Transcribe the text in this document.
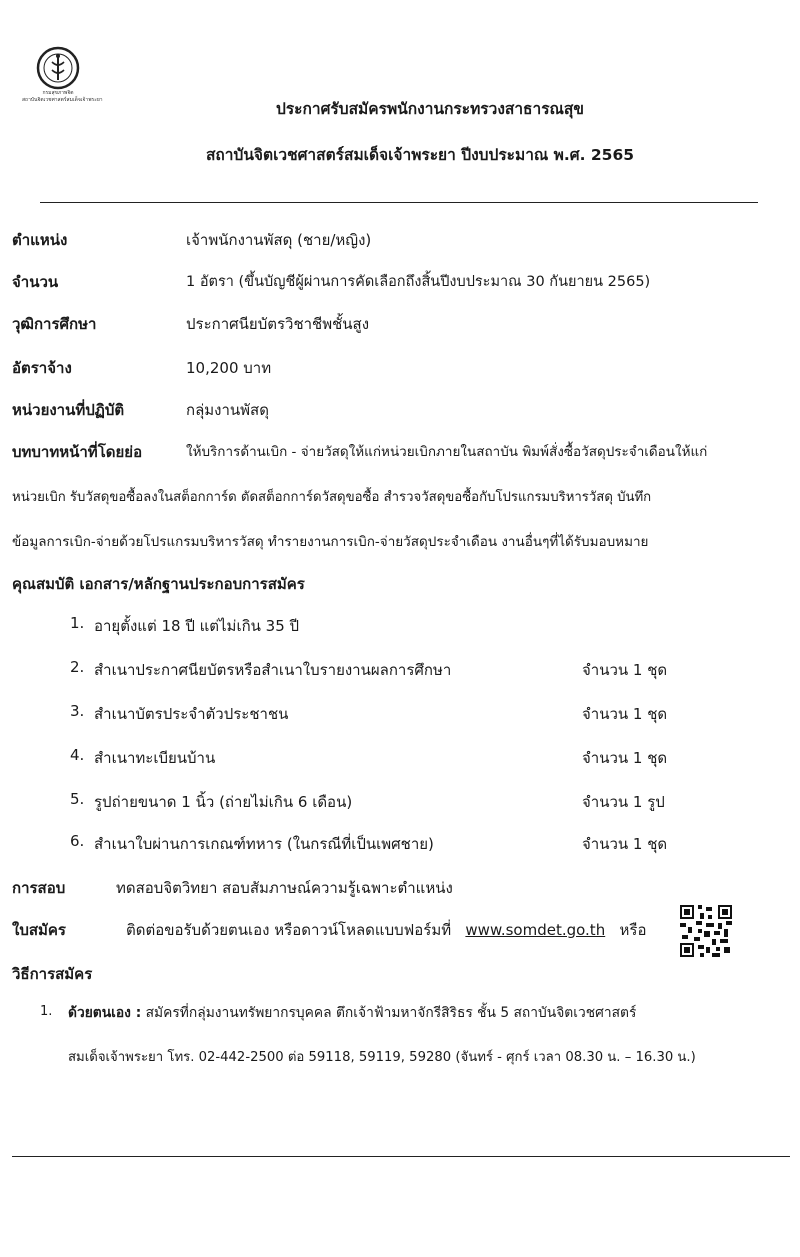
กรมสุขภาพจิต
สถาบันจิตเวชศาสตร์สมเด็จเจ้าพระยา	ประกาศรับสมัครพนักงานกระทรวงสาธารณสุข
สถาบันจิตเวชศาสตร์สมเด็จเจ้าพระยา ปีงบประมาณ พ.ศ. 2565
ตำแหน่ง	เจ้าพนักงานพัสดุ (ชาย/หญิง)
จำนวน	1 อัตรา (ขึ้นบัญชีผู้ผ่านการคัดเลือกถึงสิ้นปีงบประมาณ 30 กันยายน 2565)
วุฒิการศึกษา	ประกาศนียบัตรวิชาชีพชั้นสูง
อัตราจ้าง	10,200 บาท
หน่วยงานที่ปฏิบัติ	กลุ่มงานพัสดุ
บทบาทหน้าที่โดยย่อ	ให้บริการด้านเบิก - จ่ายวัสดุให้แก่หน่วยเบิกภายในสถาบัน พิมพ์สั่งซื้อวัสดุประจำเดือนให้แก่
หน่วยเบิก รับวัสดุขอซื้อลงในสต็อกการ์ด ตัดสต็อกการ์ดวัสดุขอซื้อ สำรวจวัสดุขอซื้อกับโปรแกรมบริหารวัสดุ บันทึก
ข้อมูลการเบิก-จ่ายด้วยโปรแกรมบริหารวัสดุ ทำรายงานการเบิก-จ่ายวัสดุประจำเดือน งานอื่นๆที่ได้รับมอบหมาย
คุณสมบัติ เอกสาร/หลักฐานประกอบการสมัคร
1. อายุตั้งแต่ 18 ปี แต่ไม่เกิน 35 ปี
2. สำเนาประกาศนียบัตรหรือสำเนาใบรายงานผลการศึกษา	จำนวน 1 ชุด
3. สำเนาบัตรประจำตัวประชาชน	จำนวน 1 ชุด
4. สำเนาทะเบียนบ้าน	จำนวน 1 ชุด
5. รูปถ่ายขนาด 1 นิ้ว (ถ่ายไม่เกิน 6 เดือน)	จำนวน 1 รูป
6. สำเนาใบผ่านการเกณฑ์ทหาร (ในกรณีที่เป็นเพศชาย)	จำนวน 1 ชุด
การสอบ	ทดสอบจิตวิทยา สอบสัมภาษณ์ความรู้เฉพาะตำแหน่ง
ใบสมัคร	ติดต่อขอรับด้วยตนเอง หรือดาวน์โหลดแบบฟอร์มที่ www.somdet.go.th หรือ
วิธีการสมัคร
1. ด้วยตนเอง : สมัครที่กลุ่มงานทรัพยากรบุคคล ตึกเจ้าฟ้ามหาจักรีสิริธร ชั้น 5 สถาบันจิตเวชศาสตร์
สมเด็จเจ้าพระยา โทร. 02-442-2500 ต่อ 59118, 59119, 59280 (จันทร์ - ศุกร์ เวลา 08.30 น. – 16.30 น.)
